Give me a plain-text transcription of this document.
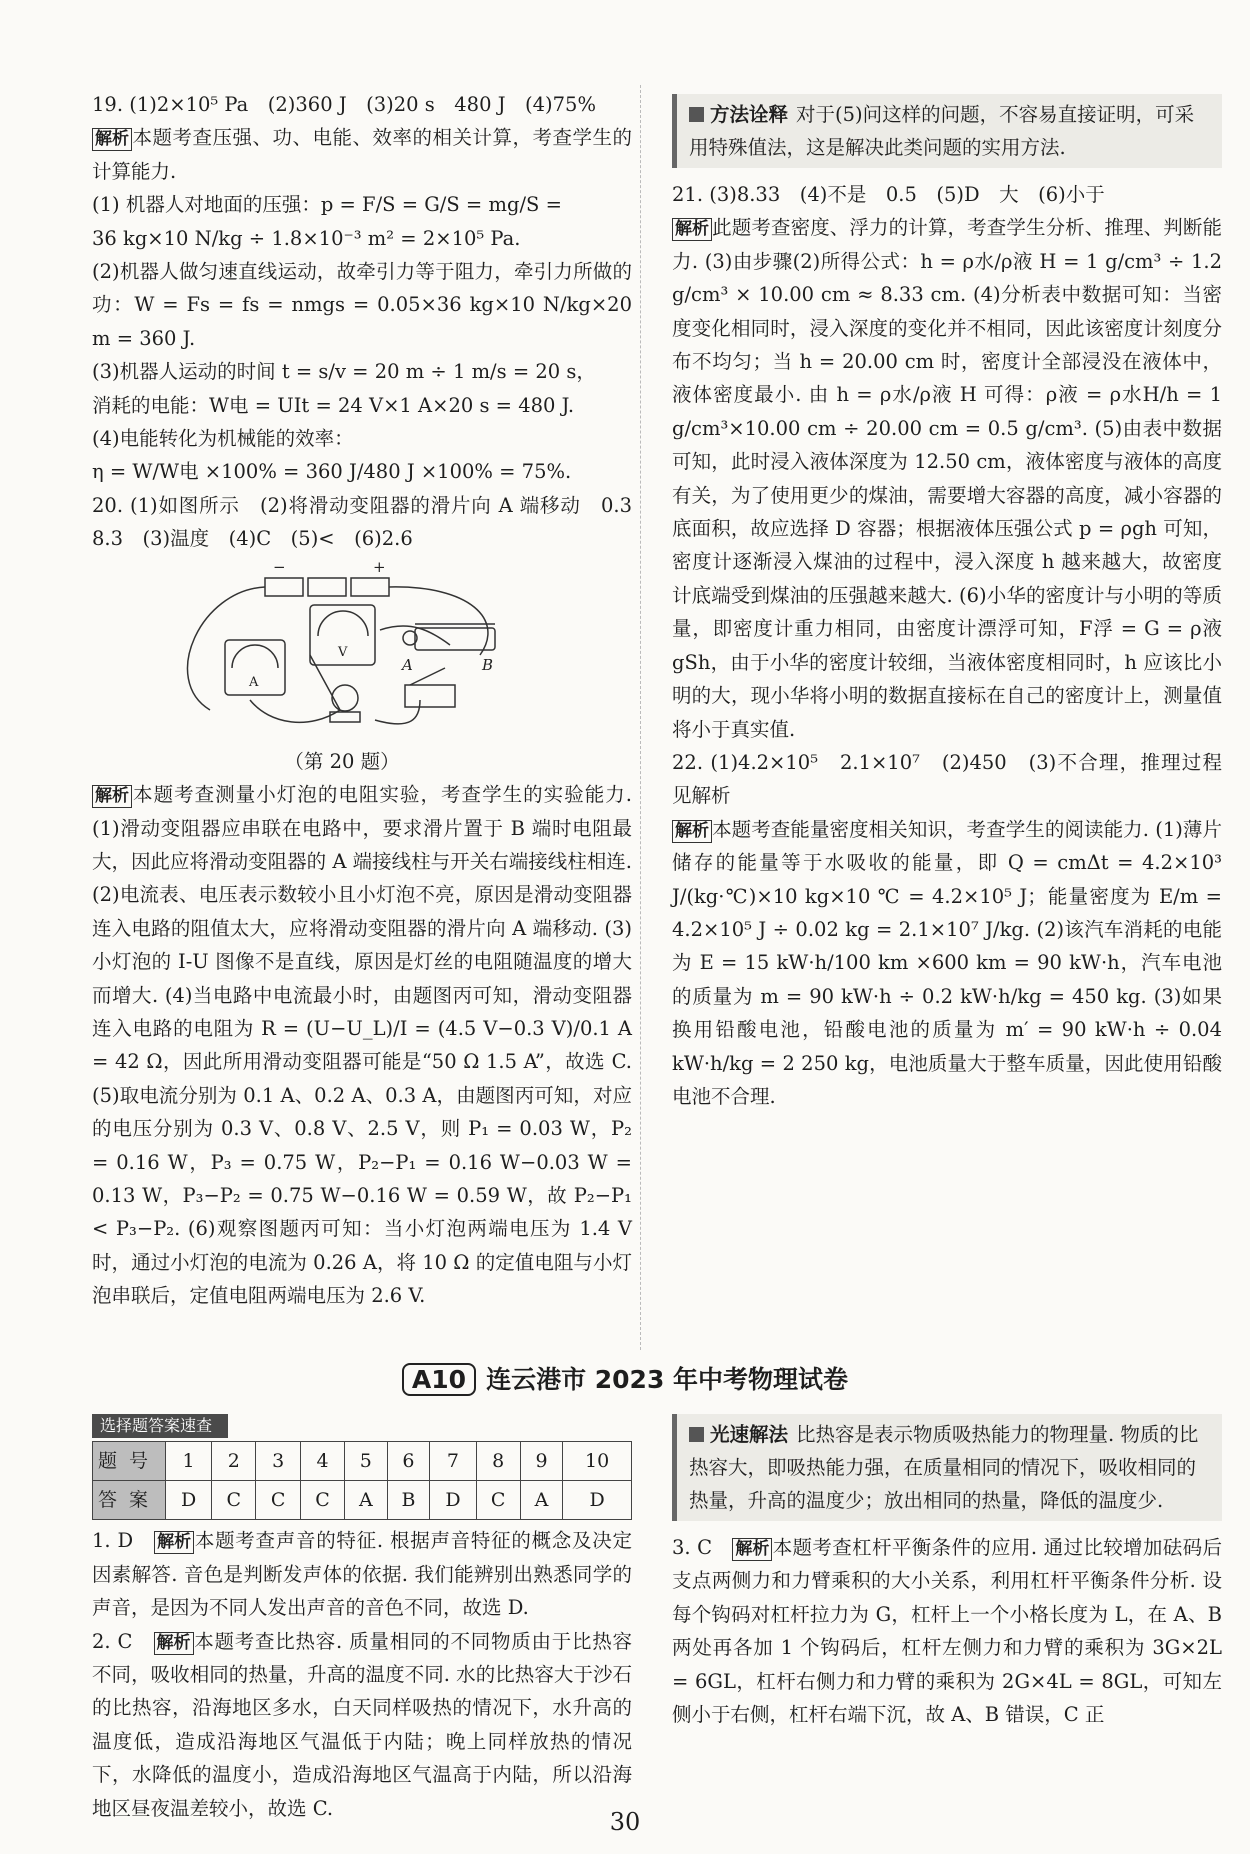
19. (1)2×10⁵ Pa　(2)360 J　(3)20 s　480 J　(4)75%

解析 本题考查压强、功、电能、效率的相关计算，考查学生的计算能力.

(1) 机器人对地面的压强：p = F/S = G/S = mg/S =

36 kg×10 N/kg ÷ 1.8×10⁻³ m² = 2×10⁵ Pa.

(2)机器人做匀速直线运动，故牵引力等于阻力，牵引力所做的功：W = Fs = fs = nmgs = 0.05×36 kg×10 N/kg×20 m = 360 J.

(3)机器人运动的时间 t = s/v = 20 m ÷ 1 m/s = 20 s，

消耗的电能：W电 = UIt = 24 V×1 A×20 s = 480 J.

(4)电能转化为机械能的效率：

η = W/W电 ×100% = 360 J/480 J ×100% = 75%.

20. (1)如图所示　(2)将滑动变阻器的滑片向 A 端移动　0.3　8.3　(3)温度　(4)C　(5)<　(6)2.6

−	+
A
V
A	B

（第 20 题）

解析 本题考查测量小灯泡的电阻实验，考查学生的实验能力. (1)滑动变阻器应串联在电路中，要求滑片置于 B 端时电阻最大，因此应将滑动变阻器的 A 端接线柱与开关右端接线柱相连. (2)电流表、电压表示数较小且小灯泡不亮，原因是滑动变阻器连入电路的阻值太大，应将滑动变阻器的滑片向 A 端移动. (3)小灯泡的 I-U 图像不是直线，原因是灯丝的电阻随温度的增大而增大. (4)当电路中电流最小时，由题图丙可知，滑动变阻器连入电路的电阻为 R = (U−U_L)/I = (4.5 V−0.3 V)/0.1 A = 42 Ω，因此所用滑动变阻器可能是“50 Ω 1.5 A”，故选 C. (5)取电流分别为 0.1 A、0.2 A、0.3 A，由题图丙可知，对应的电压分别为 0.3 V、0.8 V、2.5 V，则 P₁ = 0.03 W，P₂ = 0.16 W，P₃ = 0.75 W，P₂−P₁ = 0.16 W−0.03 W = 0.13 W，P₃−P₂ = 0.75 W−0.16 W = 0.59 W，故 P₂−P₁ < P₃−P₂. (6)观察图题丙可知：当小灯泡两端电压为 1.4 V 时，通过小灯泡的电流为 0.26 A，将 10 Ω 的定值电阻与小灯泡串联后，定值电阻两端电压为 2.6 V.

方法诠释 对于(5)问这样的问题，不容易直接证明，可采用特殊值法，这是解决此类问题的实用方法.

21. (3)8.33　(4)不是　0.5　(5)D　大　(6)小于

解析 此题考查密度、浮力的计算，考查学生分析、推理、判断能力. (3)由步骤(2)所得公式：h = ρ水/ρ液 H = 1 g/cm³ ÷ 1.2 g/cm³ × 10.00 cm ≈ 8.33 cm. (4)分析表中数据可知：当密度变化相同时，浸入深度的变化并不相同，因此该密度计刻度分布不均匀；当 h = 20.00 cm 时，密度计全部浸没在液体中，液体密度最小. 由 h = ρ水/ρ液 H 可得：ρ液 = ρ水H/h = 1 g/cm³×10.00 cm ÷ 20.00 cm = 0.5 g/cm³. (5)由表中数据可知，此时浸入液体深度为 12.50 cm，液体密度与液体的高度有关，为了使用更少的煤油，需要增大容器的高度，减小容器的底面积，故应选择 D 容器；根据液体压强公式 p = ρgh 可知，密度计逐渐浸入煤油的过程中，浸入深度 h 越来越大，故密度计底端受到煤油的压强越来越大. (6)小华的密度计与小明的等质量，即密度计重力相同，由密度计漂浮可知，F浮 = G = ρ液 gSh，由于小华的密度计较细，当液体密度相同时，h 应该比小明的大，现小华将小明的数据直接标在自己的密度计上，测量值将小于真实值.

22. (1)4.2×10⁵　2.1×10⁷　(2)450　(3)不合理，推理过程见解析

解析 本题考查能量密度相关知识，考查学生的阅读能力. (1)薄片储存的能量等于水吸收的能量，即 Q = cmΔt = 4.2×10³ J/(kg·℃)×10 kg×10 ℃ = 4.2×10⁵ J；能量密度为 E/m = 4.2×10⁵ J ÷ 0.02 kg = 2.1×10⁷ J/kg. (2)该汽车消耗的电能为 E = 15 kW·h/100 km ×600 km = 90 kW·h，汽车电池的质量为 m = 90 kW·h ÷ 0.2 kW·h/kg = 450 kg. (3)如果换用铅酸电池，铅酸电池的质量为 m′ = 90 kW·h ÷ 0.04 kW·h/kg = 2 250 kg，电池质量大于整车质量，因此使用铅酸电池不合理.

A10 连云港市 2023 年中考物理试卷
选择题答案速查
题号	1	2	3	4	5	6	7	8	9	10
答案	D	C	C	C	A	B	D	C	A	D

1. D　 解析 本题考查声音的特征. 根据声音特征的概念及决定因素解答. 音色是判断发声体的依据. 我们能辨别出熟悉同学的声音，是因为不同人发出声音的音色不同，故选 D.

2. C　 解析 本题考查比热容. 质量相同的不同物质由于比热容不同，吸收相同的热量，升高的温度不同. 水的比热容大于沙石的比热容，沿海地区多水，白天同样吸热的情况下，水升高的温度低，造成沿海地区气温低于内陆；晚上同样放热的情况下，水降低的温度小，造成沿海地区气温高于内陆，所以沿海地区昼夜温差较小，故选 C.

光速解法 比热容是表示物质吸热能力的物理量. 物质的比热容大，即吸热能力强，在质量相同的情况下，吸收相同的热量，升高的温度少；放出相同的热量，降低的温度少.

3. C　 解析 本题考查杠杆平衡条件的应用. 通过比较增加砝码后支点两侧力和力臂乘积的大小关系，利用杠杆平衡条件分析. 设每个钩码对杠杆拉力为 G，杠杆上一个小格长度为 L，在 A、B 两处再各加 1 个钩码后，杠杆左侧力和力臂的乘积为 3G×2L = 6GL，杠杆右侧力和力臂的乘积为 2G×4L = 8GL，可知左侧小于右侧，杠杆右端下沉，故 A、B 错误，C 正

30
